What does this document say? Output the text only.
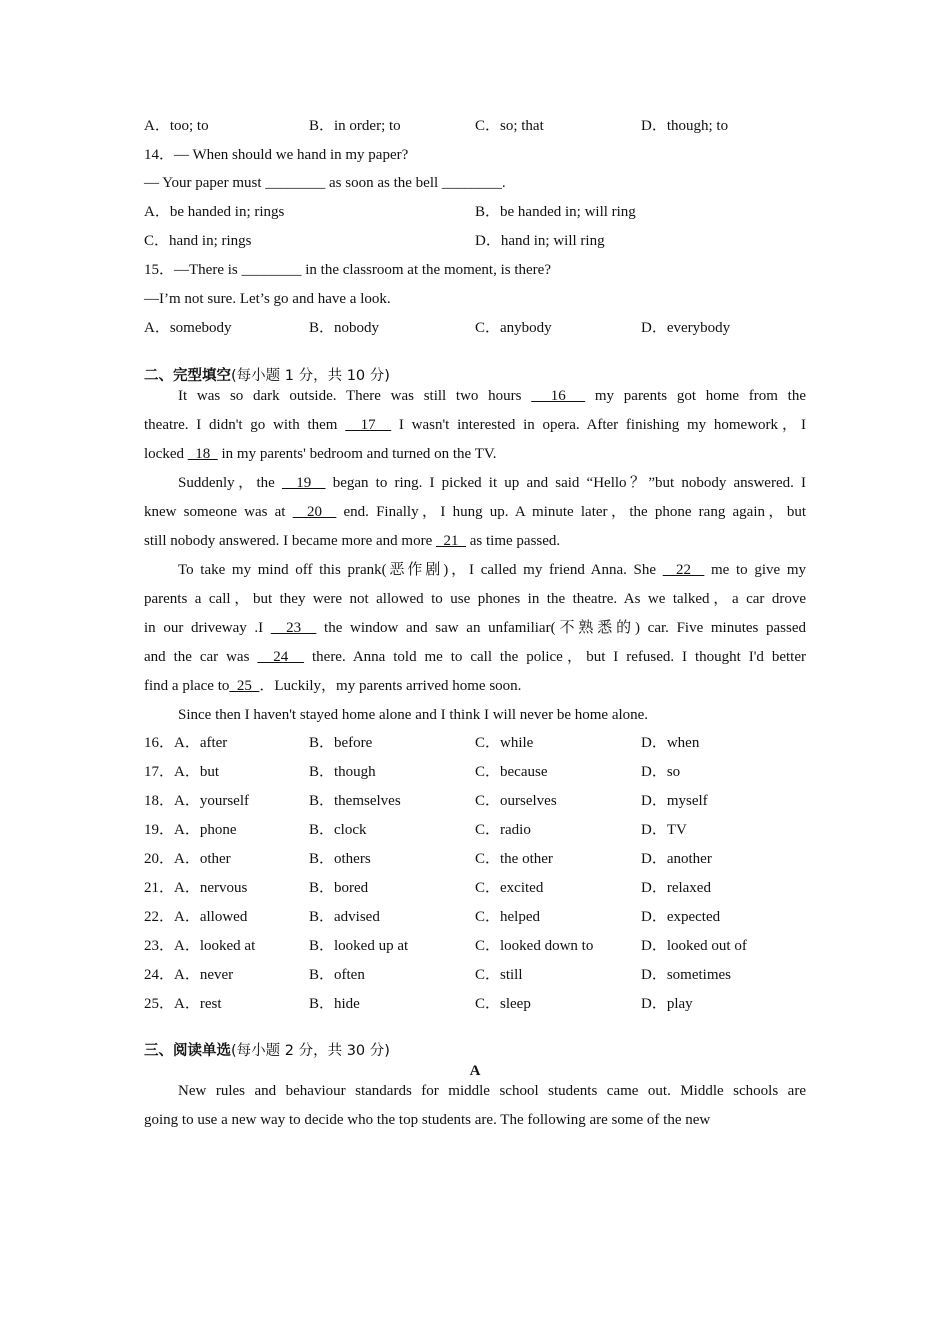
A．too; to	B．in order; to	C．so; that	D．though; to
14．— When should we hand in my paper?
— Your paper must ________ as soon as the bell ________.
A．be handed in; rings	B．be handed in; will ring
C．hand in; rings	D．hand in; will ring
15．—There is ________ in the classroom at the moment, is there?
—I’m not sure. Let’s go and have a look.
A．somebody	B．nobody	C．anybody	D．everybody
二、完型填空(每小题 1 分，共 10 分)
It was so dark outside. There was still two hours   16   my parents got home from the
theatre. I didn't go with them   17   I wasn't interested in opera. After finishing my homework，I
locked   18   in my parents' bedroom and turned on the TV.
Suddenly，the   19   began to ring. I picked it up and said “Hello？”but nobody answered. I
knew someone was at   20   end. Finally，I hung up. A minute later，the phone rang again，but
still nobody answered. I became more and more   21   as time passed.
To take my mind off this prank(恶作剧)，I called my friend Anna. She   22   me to give my
parents a call，but they were not allowed to use phones in the theatre. As we talked，a car drove
in our driveway .I   23   the window and saw an unfamiliar(不熟悉的) car. Five minutes passed
and the car was   24   there. Anna told me to call the police，but I refused. I thought I'd better
find a place to  25  ．Luckily，my parents arrived home soon.
Since then I haven't stayed home alone and I think I will never be home alone.
16．A．after	B．before	C．while	D．when
17．A．but	B．though	C．because	D．so
18．A．yourself	B．themselves	C．ourselves	D．myself
19．A．phone	B．clock	C．radio	D．TV
20．A．other	B．others	C．the other	D．another
21．A．nervous	B．bored	C．excited	D．relaxed
22．A．allowed	B．advised	C．helped	D．expected
23．A．looked at	B．looked up at	C．looked down to	D．looked out of
24．A．never	B．often	C．still	D．sometimes
25．A．rest	B．hide	C．sleep	D．play
三、阅读单选(每小题 2 分，共 30 分)
A
New rules and behaviour standards for middle school students came out. Middle schools are
going to use a new way to decide who the top students are. The following are some of the new
